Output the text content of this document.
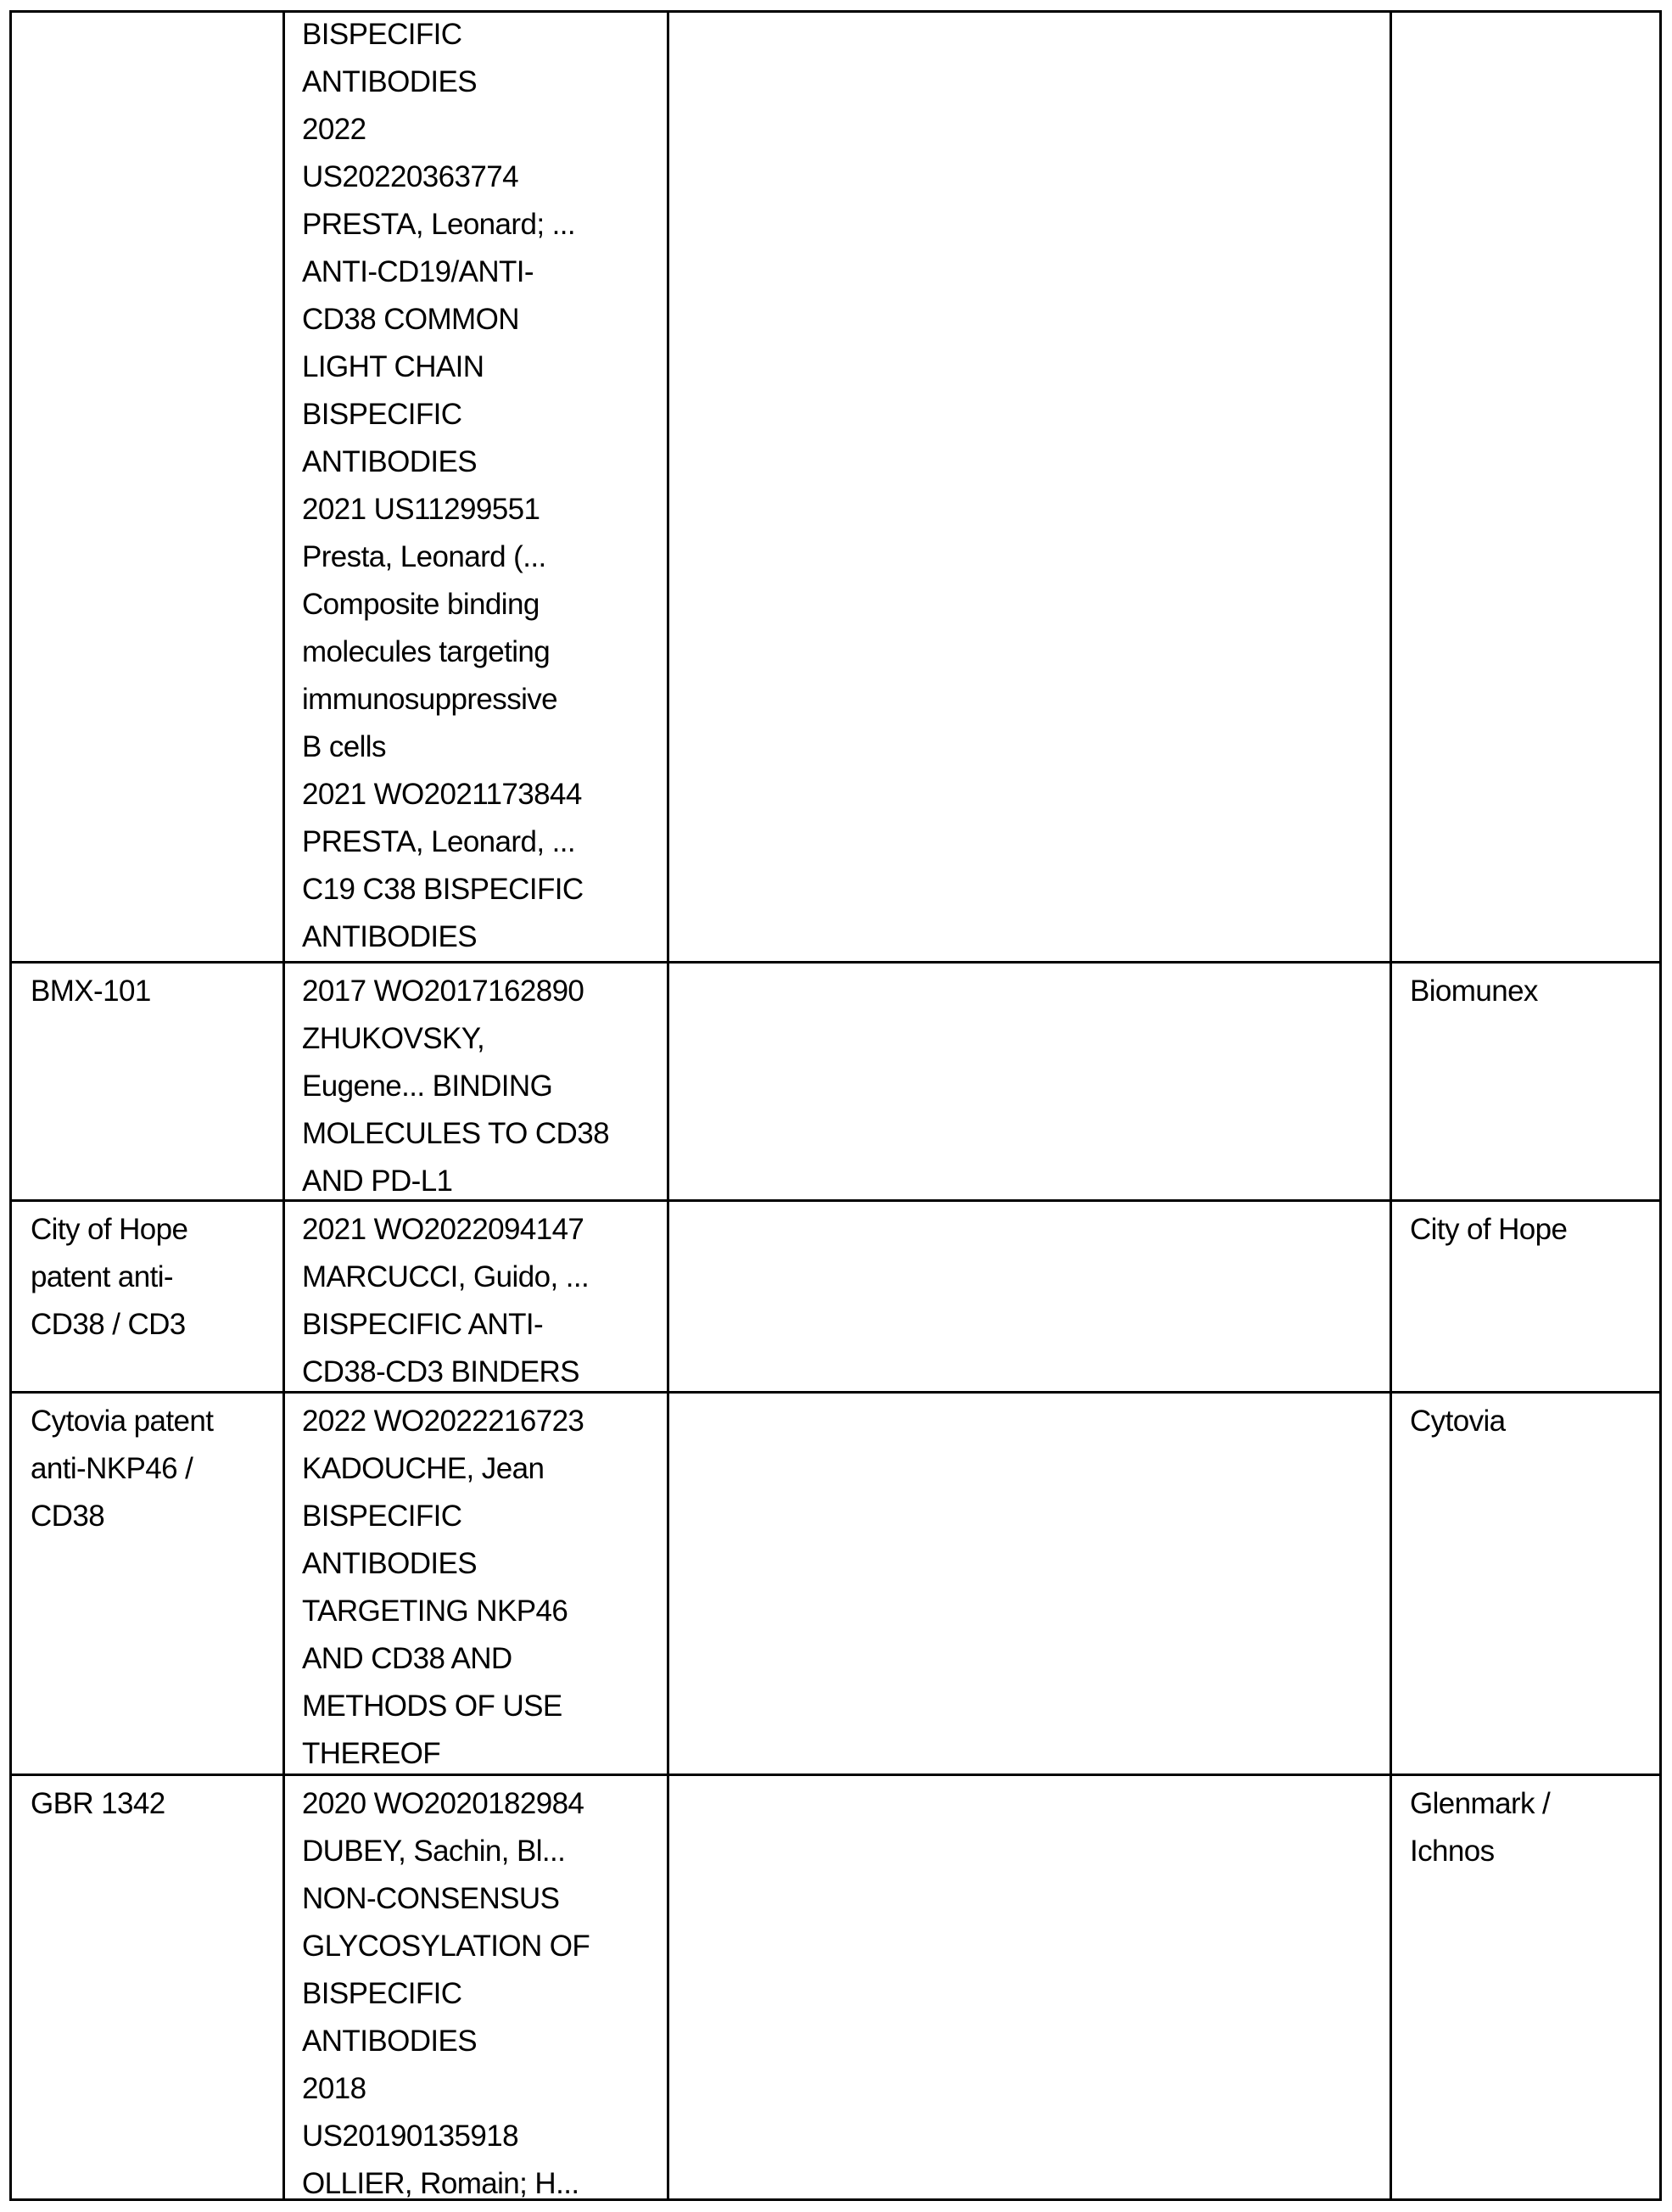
BISPECIFIC
ANTIBODIES
2022
US20220363774
PRESTA, Leonard; ...
ANTI-CD19/ANTI-
CD38 COMMON
LIGHT CHAIN
BISPECIFIC
ANTIBODIES
2021 US11299551
Presta, Leonard (...
Composite binding
molecules targeting
immunosuppressive
B cells
2021 WO2021173844
PRESTA, Leonard, ...
C19 C38 BISPECIFIC
ANTIBODIES
BMX-101	2017 WO2017162890
ZHUKOVSKY,
Eugene... BINDING
MOLECULES TO CD38
AND PD-L1
Biomunex
City of Hope
patent anti-
CD38 / CD3
2021 WO2022094147
MARCUCCI, Guido, ...
BISPECIFIC ANTI-
CD38-CD3 BINDERS
City of Hope
Cytovia patent
anti-NKP46 /
CD38
2022 WO2022216723
KADOUCHE, Jean
BISPECIFIC
ANTIBODIES
TARGETING NKP46
AND CD38 AND
METHODS OF USE
THEREOF
Cytovia
GBR 1342	2020 WO2020182984
DUBEY, Sachin, Bl...
NON-CONSENSUS
GLYCOSYLATION OF
BISPECIFIC
ANTIBODIES
2018
US20190135918
OLLIER, Romain; H...
Glenmark /
Ichnos
